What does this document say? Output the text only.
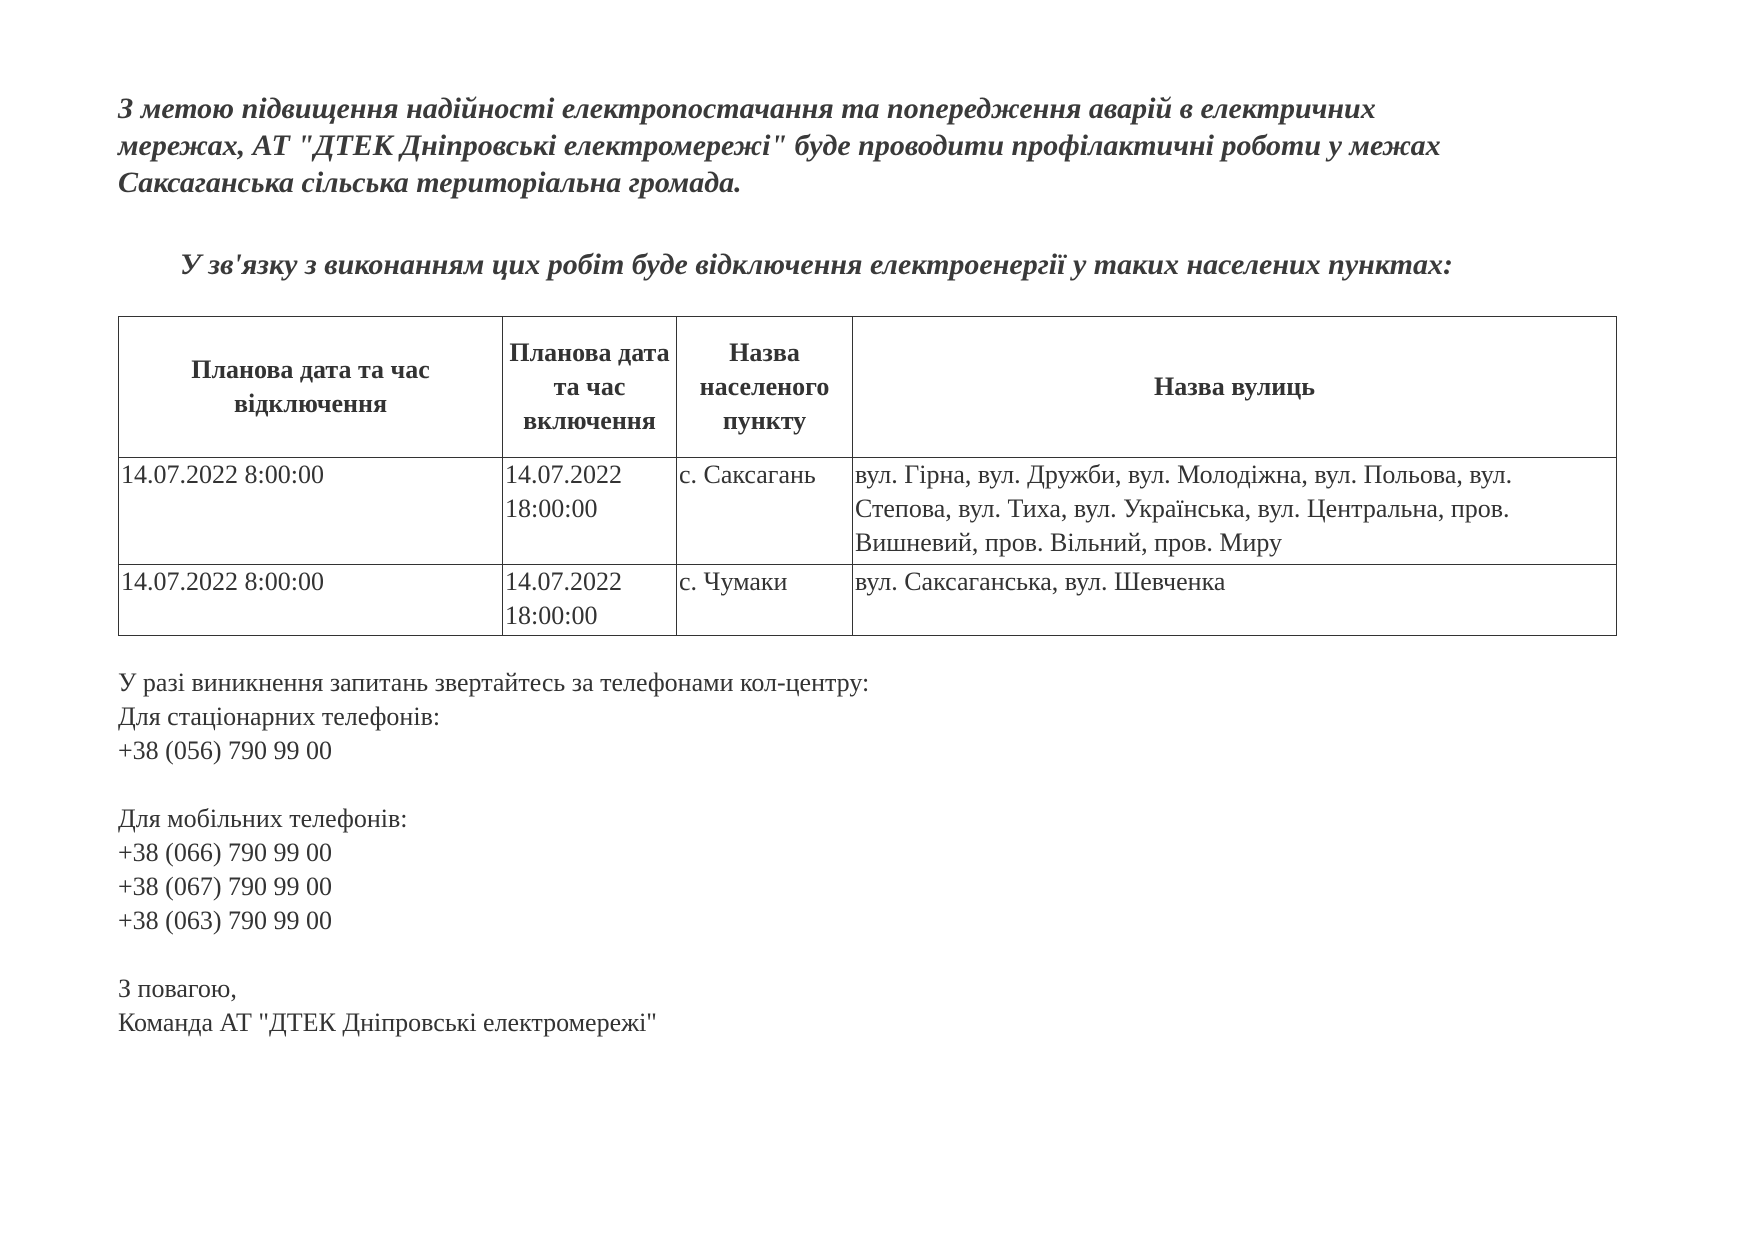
З метою підвищення надійності електропостачання та попередження аварій в електричних
мережах, АТ "ДТЕК Дніпровські електромережі" буде проводити профілактичні роботи у межах
Саксаганська сільська територіальна громада.
У зв'язку з виконанням цих робіт буде відключення електроенергії у таких населених пунктах:
Планова дата та час відключення	Планова дата та час включення	Назва населеного пункту	Назва вулиць
14.07.2022 8:00:00	14.07.2022 18:00:00	с. Саксагань	вул. Гірна, вул. Дружби, вул. Молодіжна, вул. Польова, вул. Степова, вул. Тиха, вул. Українська, вул. Центральна, пров. Вишневий, пров. Вільний, пров. Миру
14.07.2022 8:00:00	14.07.2022 18:00:00	с. Чумаки	вул. Саксаганська, вул. Шевченка
У разі виникнення запитань звертайтесь за телефонами кол-центру:
Для стаціонарних телефонів:
+38 (056) 790 99 00
Для мобільних телефонів:
+38 (066) 790 99 00
+38 (067) 790 99 00
+38 (063) 790 99 00
З повагою,
Команда АТ "ДТЕК Дніпровські електромережі"
